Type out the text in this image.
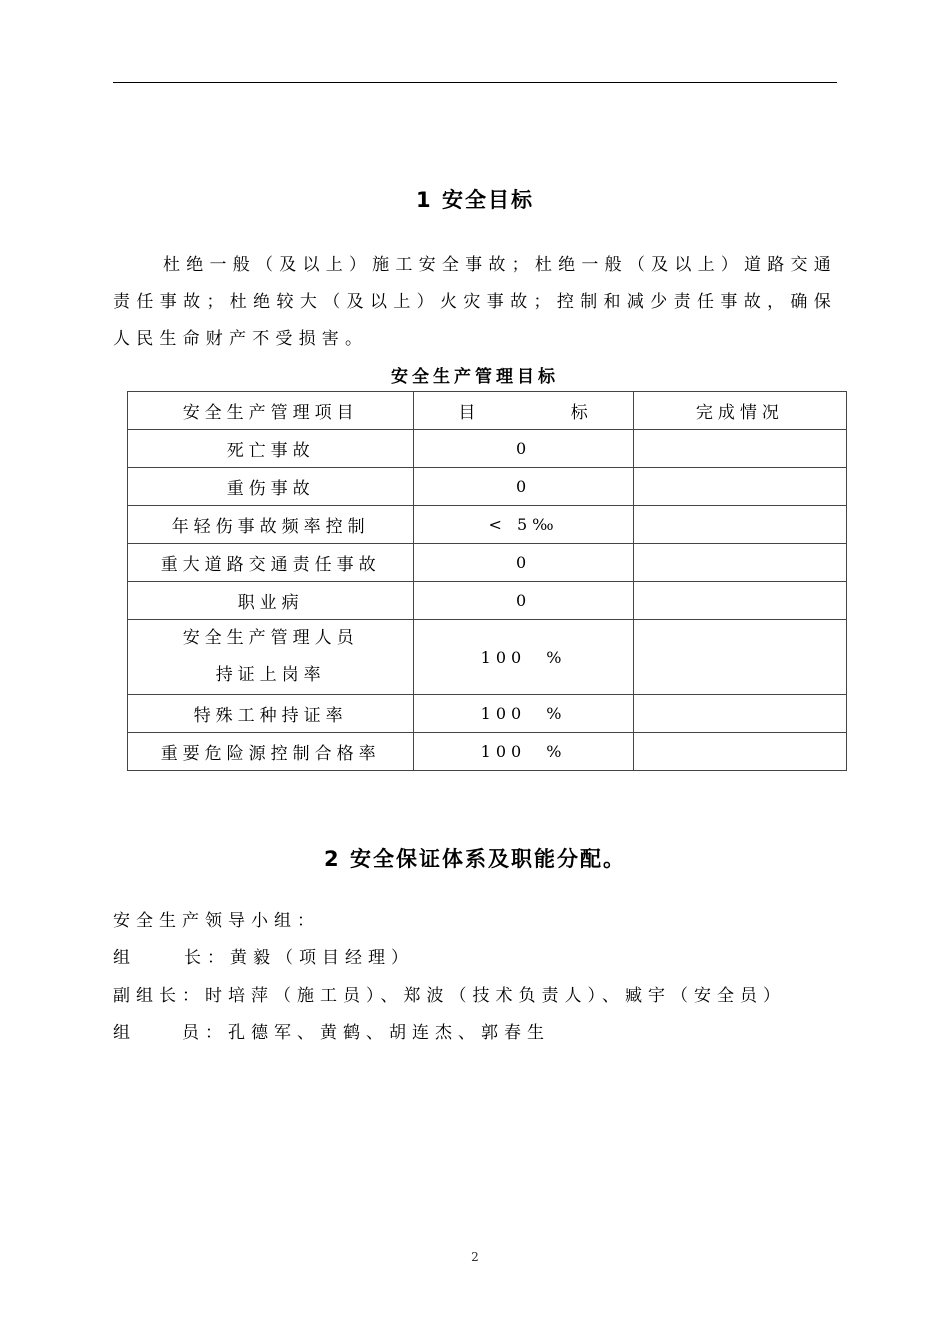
1 安全目标

杜绝一般（及以上）施工安全事故；杜绝一般（及以上）道路交通责任事故；杜绝较大（及以上）火灾事故；控制和减少责任事故，确保人民生命财产不受损害。

安全生产管理目标
安全生产管理项目	目 标	完成情况
死亡事故	0	
重伤事故	0	
年轻伤事故频率控制	< 5‰	
重大道路交通责任事故	0	
职业病	0	

安全生产管理人员
持证上岗率	100 %	
特殊工种持证率	100 %	
重要危险源控制合格率	100 %	
2 安全保证体系及职能分配。
安全生产领导小组：
组	长：黄毅（项目经理）
副组长：时培萍（施工员）、郑波（技术负责人）、臧宇（安全员）
组	员：孔德军、黄鹤、胡连杰、郭春生
2
